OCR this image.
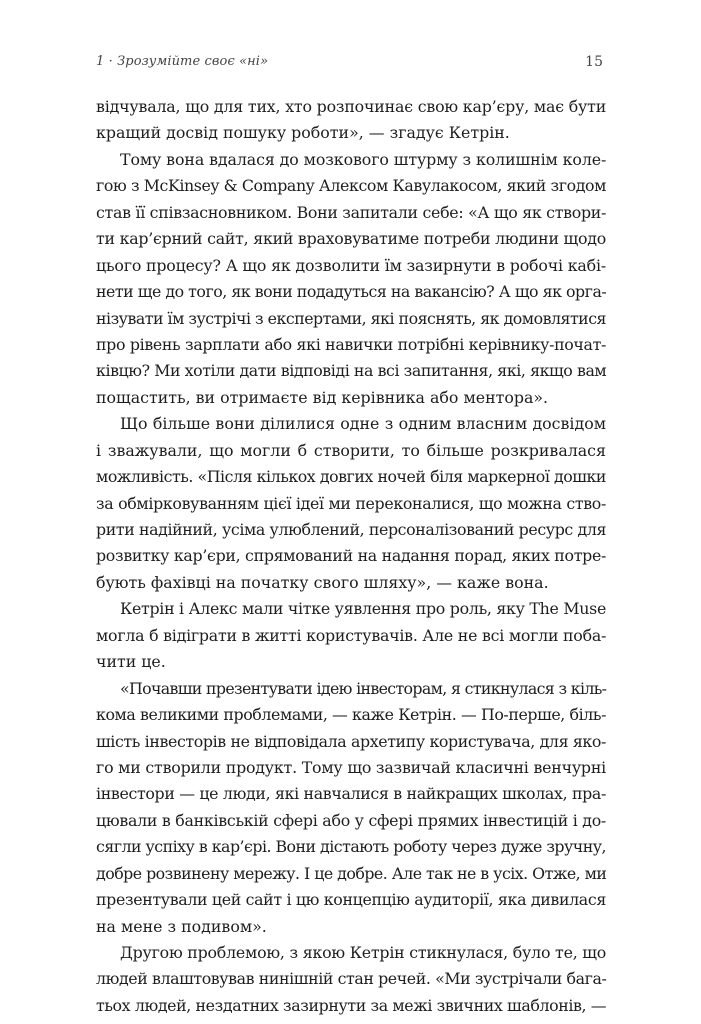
1 · Зрозумійте своє «ні»	15
відчувала, що для тих, хто розпочинає свою кар’єру, має бути
кращий досвід пошуку роботи», — згадує Кетрін.
Тому вона вдалася до мозкового штурму з колишнім коле-
гою з McKinsey & Company Алексом Кавулакосом, який згодом
став її співзасновником. Вони запитали себе: «А що як створи-
ти кар’єрний сайт, який враховуватиме потреби людини щодо
цього процесу? А що як дозволити їм зазирнути в робочі кабі-
нети ще до того, як вони подадуться на вакансію? А що як орга-
нізувати їм зустрічі з експертами, які пояснять, як домовлятися
про рівень зарплати або які навички потрібні керівнику-почат-
ківцю? Ми хотіли дати відповіді на всі запитання, які, якщо вам
пощастить, ви отримаєте від керівника або ментора».
Що більше вони ділилися одне з одним власним досвідом
і зважували, що могли б створити, то більше розкривалася
можливість. «Після кількох довгих ночей біля маркерної дошки
за обмірковуванням цієї ідеї ми переконалися, що можна ство-
рити надійний, усіма улюблений, персоналізований ресурс для
розвитку кар’єри, спрямований на надання порад, яких потре-
бують фахівці на початку свого шляху», — каже вона.
Кетрін і Алекс мали чітке уявлення про роль, яку The Muse
могла б відіграти в житті користувачів. Але не всі могли поба-
чити це.
«Почавши презентувати ідею інвесторам, я стикнулася з кіль-
кома великими проблемами, — каже Кетрін. — По-перше, біль-
шість інвесторів не відповідала архетипу користувача, для яко-
го ми створили продукт. Тому що зазвичай класичні венчурні
інвестори — це люди, які навчалися в найкращих школах, пра-
цювали в банківській сфері або у сфері прямих інвестицій і до-
сягли успіху в кар’єрі. Вони дістають роботу через дуже зручну,
добре розвинену мережу. І це добре. Але так не в усіх. Отже, ми
презентували цей сайт і цю концепцію аудиторії, яка дивилася
на мене з подивом».
Другою проблемою, з якою Кетрін стикнулася, було те, що
людей влаштовував нинішній стан речей. «Ми зустрічали бага-
тьох людей, нездатних зазирнути за межі звичних шаблонів, —
